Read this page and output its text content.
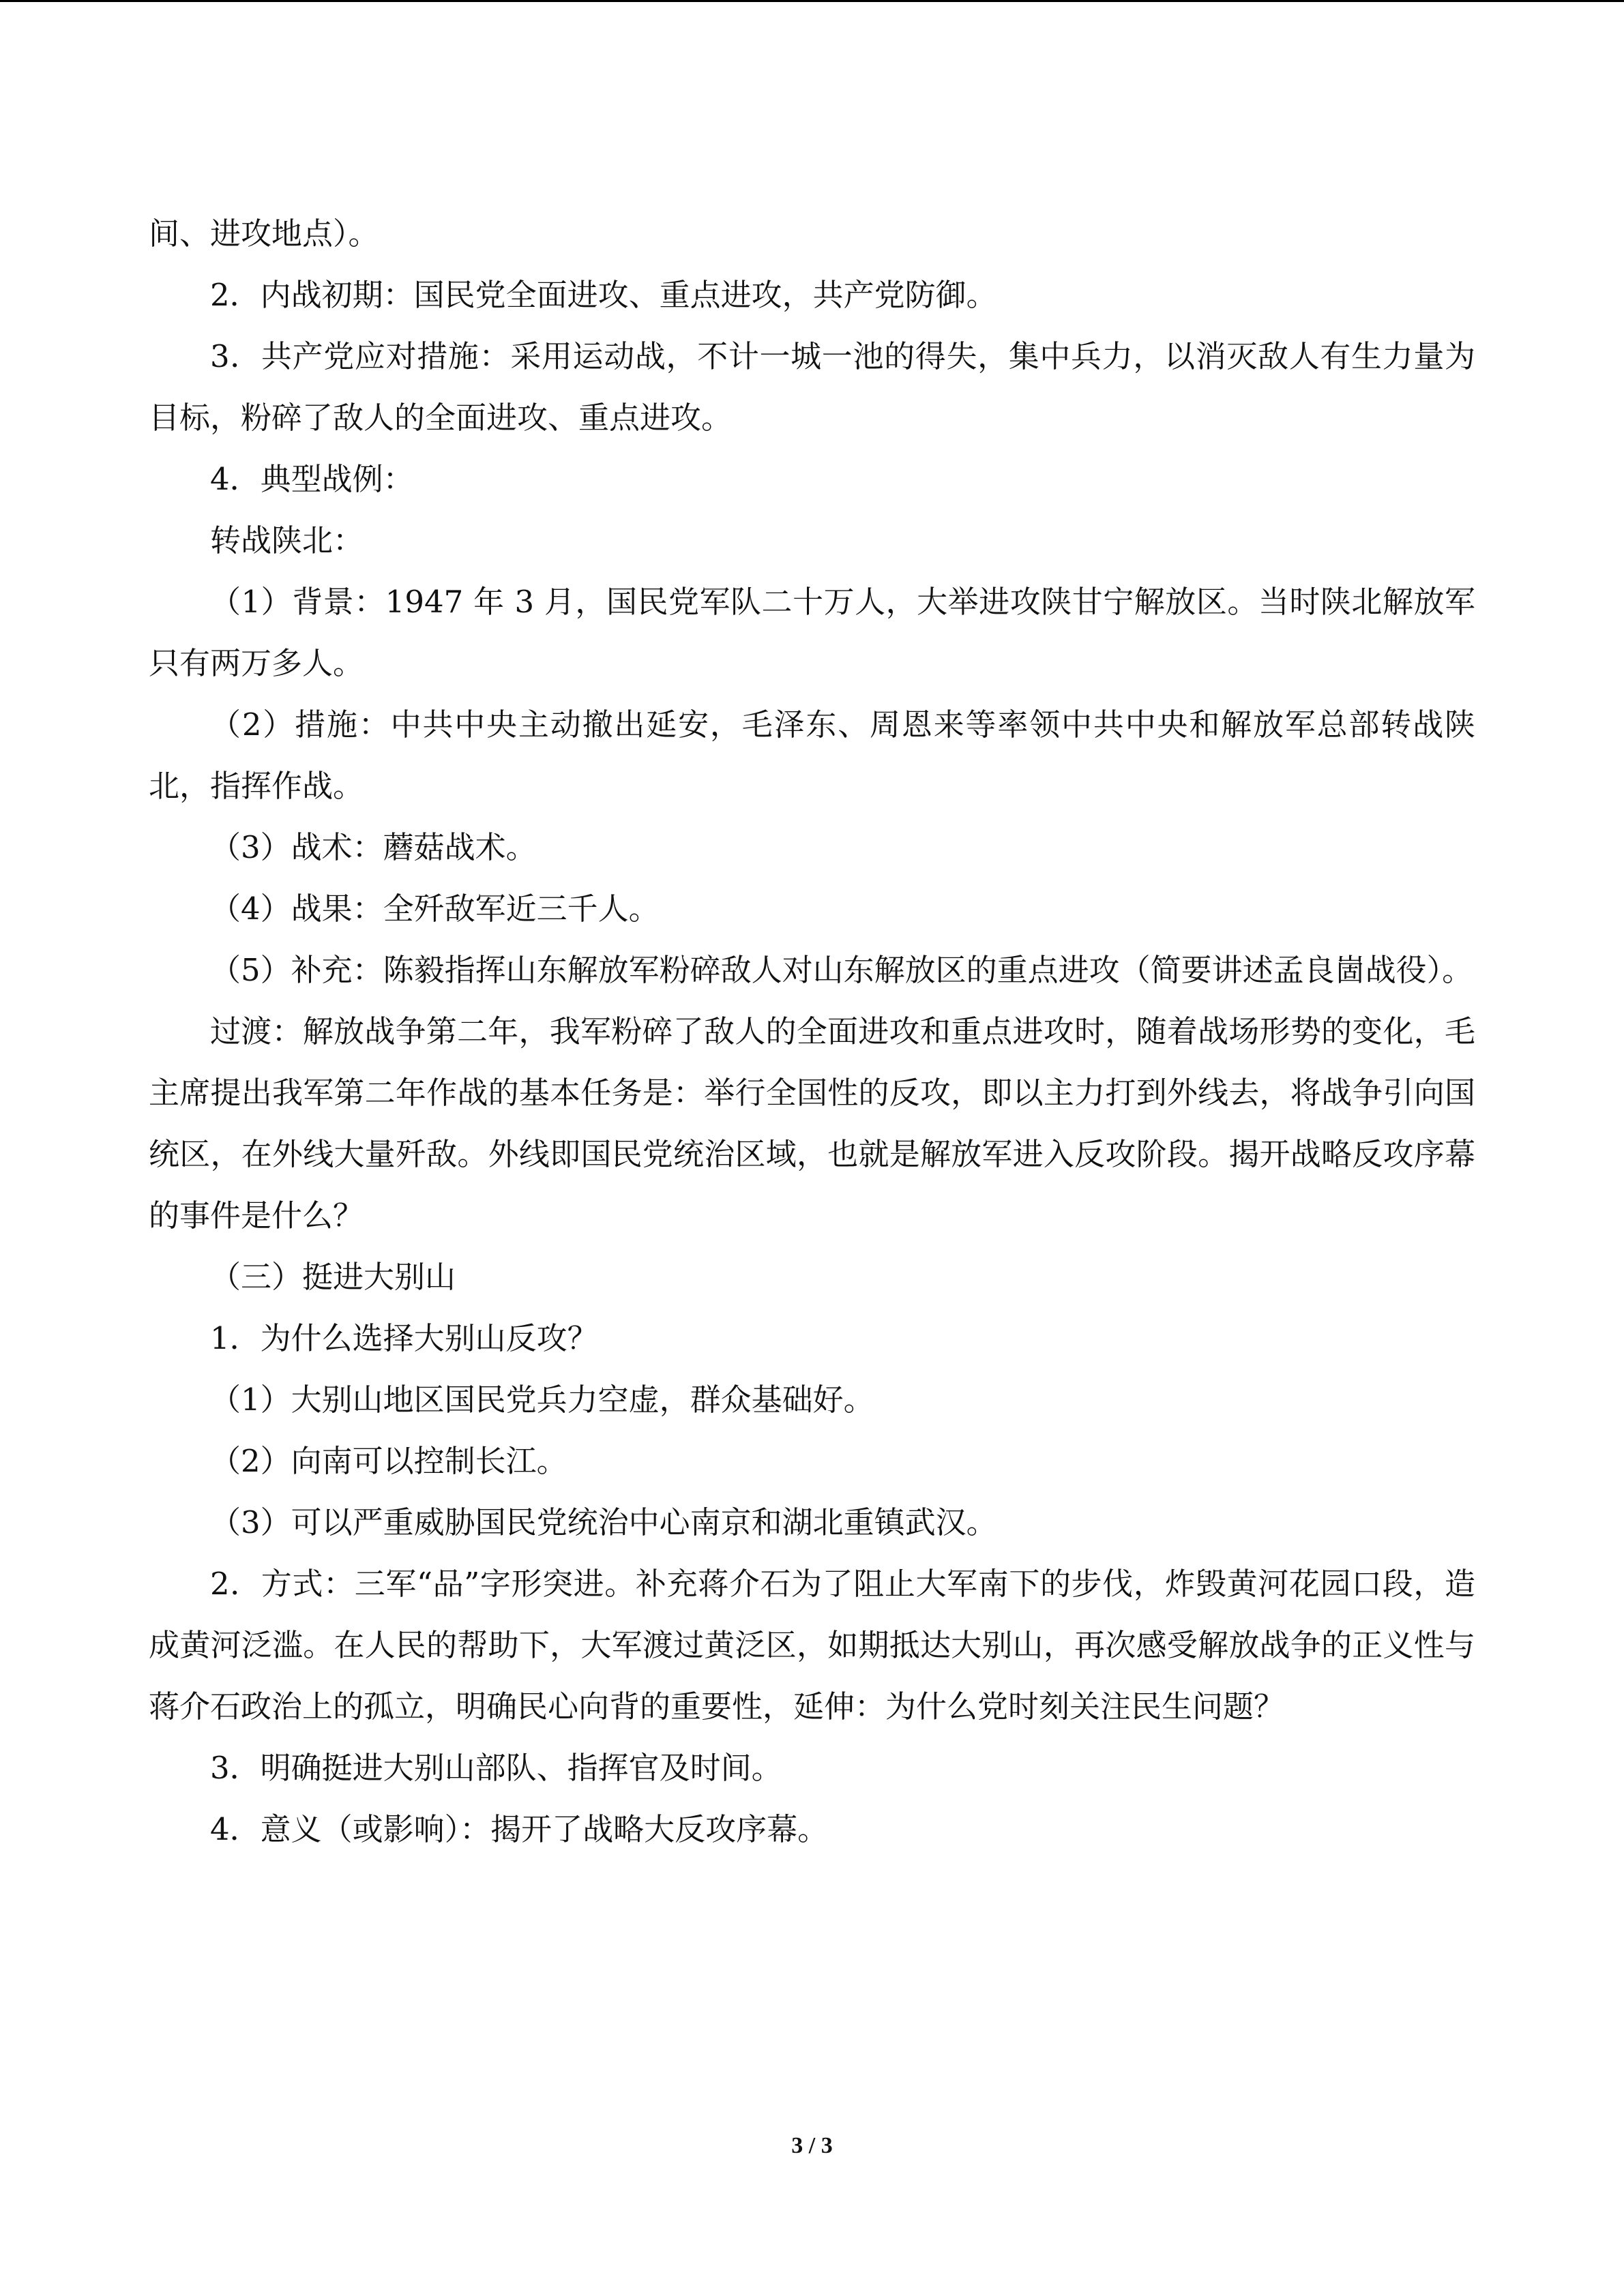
间、进攻地点）。

2．内战初期：国民党全面进攻、重点进攻，共产党防御。

3．共产党应对措施：采用运动战，不计一城一池的得失，集中兵力，以消灭敌人有生力量为目标，粉碎了敌人的全面进攻、重点进攻。

4．典型战例：

转战陕北：

（1）背景：1947 年 3 月，国民党军队二十万人，大举进攻陕甘宁解放区。当时陕北解放军只有两万多人。

（2）措施：中共中央主动撤出延安，毛泽东、周恩来等率领中共中央和解放军总部转战陕北，指挥作战。

（3）战术：蘑菇战术。

（4）战果：全歼敌军近三千人。

（5）补充：陈毅指挥山东解放军粉碎敌人对山东解放区的重点进攻（简要讲述孟良崮战役）。

过渡：解放战争第二年，我军粉碎了敌人的全面进攻和重点进攻时，随着战场形势的变化，毛主席提出我军第二年作战的基本任务是：举行全国性的反攻，即以主力打到外线去，将战争引向国统区，在外线大量歼敌。外线即国民党统治区域，也就是解放军进入反攻阶段。揭开战略反攻序幕的事件是什么？

（三）挺进大别山

1．为什么选择大别山反攻？

（1）大别山地区国民党兵力空虚，群众基础好。

（2）向南可以控制长江。

（3）可以严重威胁国民党统治中心南京和湖北重镇武汉。

2．方式：三军“品”字形突进。补充蒋介石为了阻止大军南下的步伐，炸毁黄河花园口段，造成黄河泛滥。在人民的帮助下，大军渡过黄泛区，如期抵达大别山，再次感受解放战争的正义性与蒋介石政治上的孤立，明确民心向背的重要性，延伸：为什么党时刻关注民生问题？

3．明确挺进大别山部队、指挥官及时间。

4．意义（或影响）：揭开了战略大反攻序幕。

3 / 3
